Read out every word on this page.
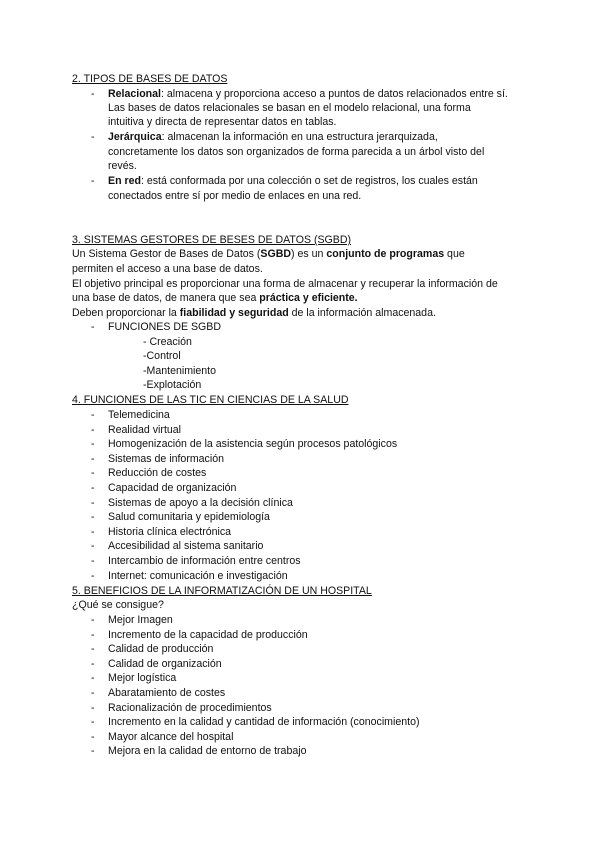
2. TIPOS DE BASES DE DATOS
- Relacional: almacena y proporciona acceso a puntos de datos relacionados entre sí.
Las bases de datos relacionales se basan en el modelo relacional, una forma
intuitiva y directa de representar datos en tablas.
- Jerárquica: almacenan la información en una estructura jerarquizada,
concretamente los datos son organizados de forma parecida a un árbol visto del
revés.
- En red: está conformada por una colección o set de registros, los cuales están
conectados entre sí por medio de enlaces en una red.
3. SISTEMAS GESTORES DE BESES DE DATOS (SGBD)
Un Sistema Gestor de Bases de Datos (SGBD) es un conjunto de programas que
permiten el acceso a una base de datos.
El objetivo principal es proporcionar una forma de almacenar y recuperar la información de
una base de datos, de manera que sea práctica y eficiente.
Deben proporcionar la fiabilidad y seguridad de la información almacenada.
- FUNCIONES DE SGBD
- Creación
-Control
-Mantenimiento
-Explotación
4. FUNCIONES DE LAS TIC EN CIENCIAS DE LA SALUD
- Telemedicina
- Realidad virtual
- Homogenización de la asistencia según procesos patológicos
- Sistemas de información
- Reducción de costes
- Capacidad de organización
- Sistemas de apoyo a la decisión clínica
- Salud comunitaria y epidemiología
- Historia clínica electrónica
- Accesibilidad al sistema sanitario
- Intercambio de información entre centros
- Internet: comunicación e investigación
5. BENEFICIOS DE LA INFORMATIZACIÓN DE UN HOSPITAL
¿Qué se consigue?
- Mejor Imagen
- Incremento de la capacidad de producción
- Calidad de producción
- Calidad de organización
- Mejor logística
- Abaratamiento de costes
- Racionalización de procedimientos
- Incremento en la calidad y cantidad de información (conocimiento)
- Mayor alcance del hospital
- Mejora en la calidad de entorno de trabajo
